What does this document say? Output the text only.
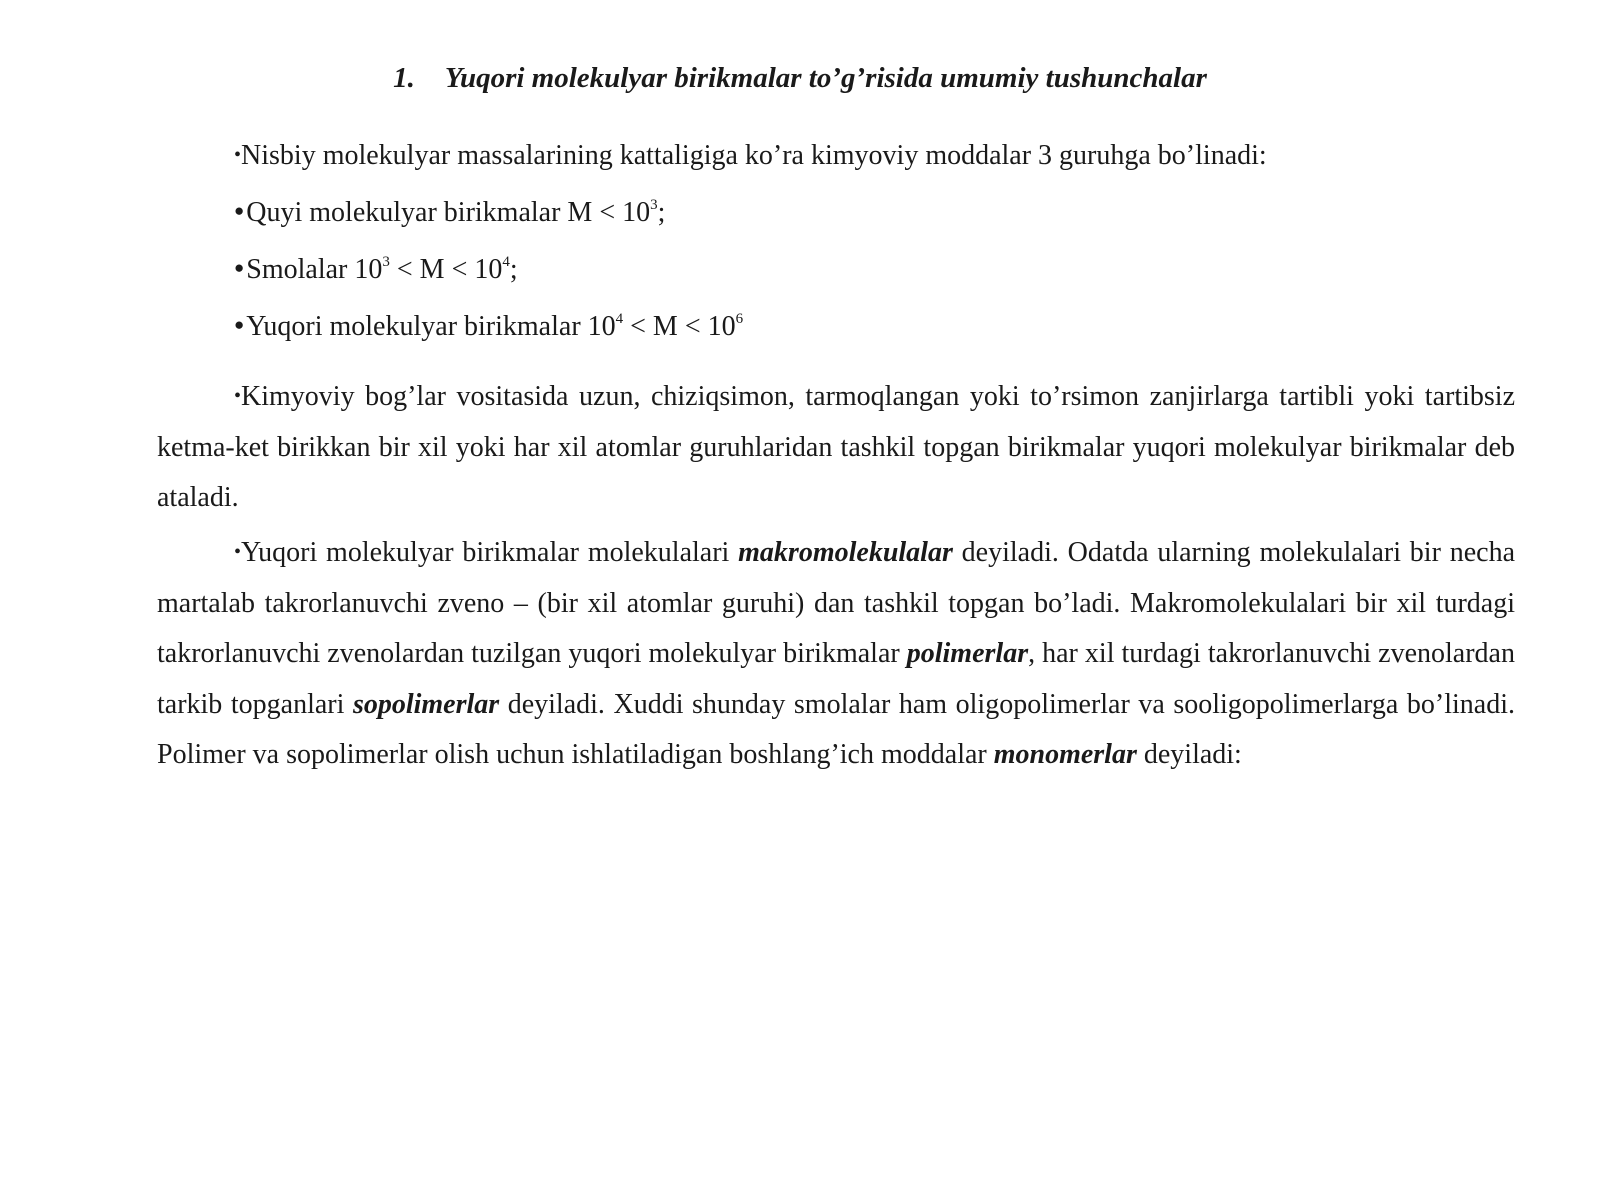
1. Yuqori molekulyar birikmalar to’g’risida umumiy tushunchalar
•Nisbiy molekulyar massalarining kattaligiga ko’ra kimyoviy moddalar 3 guruhga bo’linadi:
●Quyi molekulyar birikmalar $M < 10^3$;
●Smolalar $10^3 < M < 10^4$;
●Yuqori molekulyar birikmalar $10^4 < M < 10^6$
•Kimyoviy bog’lar vositasida uzun, chiziqsimon, tarmoqlangan yoki to’rsimon zanjirlarga tartibli yoki tartibsiz ketma-ket birikkan bir xil yoki har xil atomlar guruhlaridan tashkil topgan birikmalar yuqori molekulyar birikmalar deb ataladi.
•Yuqori molekulyar birikmalar molekulalari makromolekulalar deyiladi. Odatda ularning molekulalari bir necha martalab takrorlanuvchi zveno – (bir xil atomlar guruhi) dan tashkil topgan bo’ladi. Makromolekulalari bir xil turdagi takrorlanuvchi zvenolardan tuzilgan yuqori molekulyar birikmalar polimerlar, har xil turdagi takrorlanuvchi zvenolardan tarkib topganlari sopolimerlar deyiladi. Xuddi shunday smolalar ham oligopolimerlar va sooligopolimerlarga bo’linadi. Polimer va sopolimerlar olish uchun ishlatiladigan boshlang’ich moddalar monomerlar deyiladi:
